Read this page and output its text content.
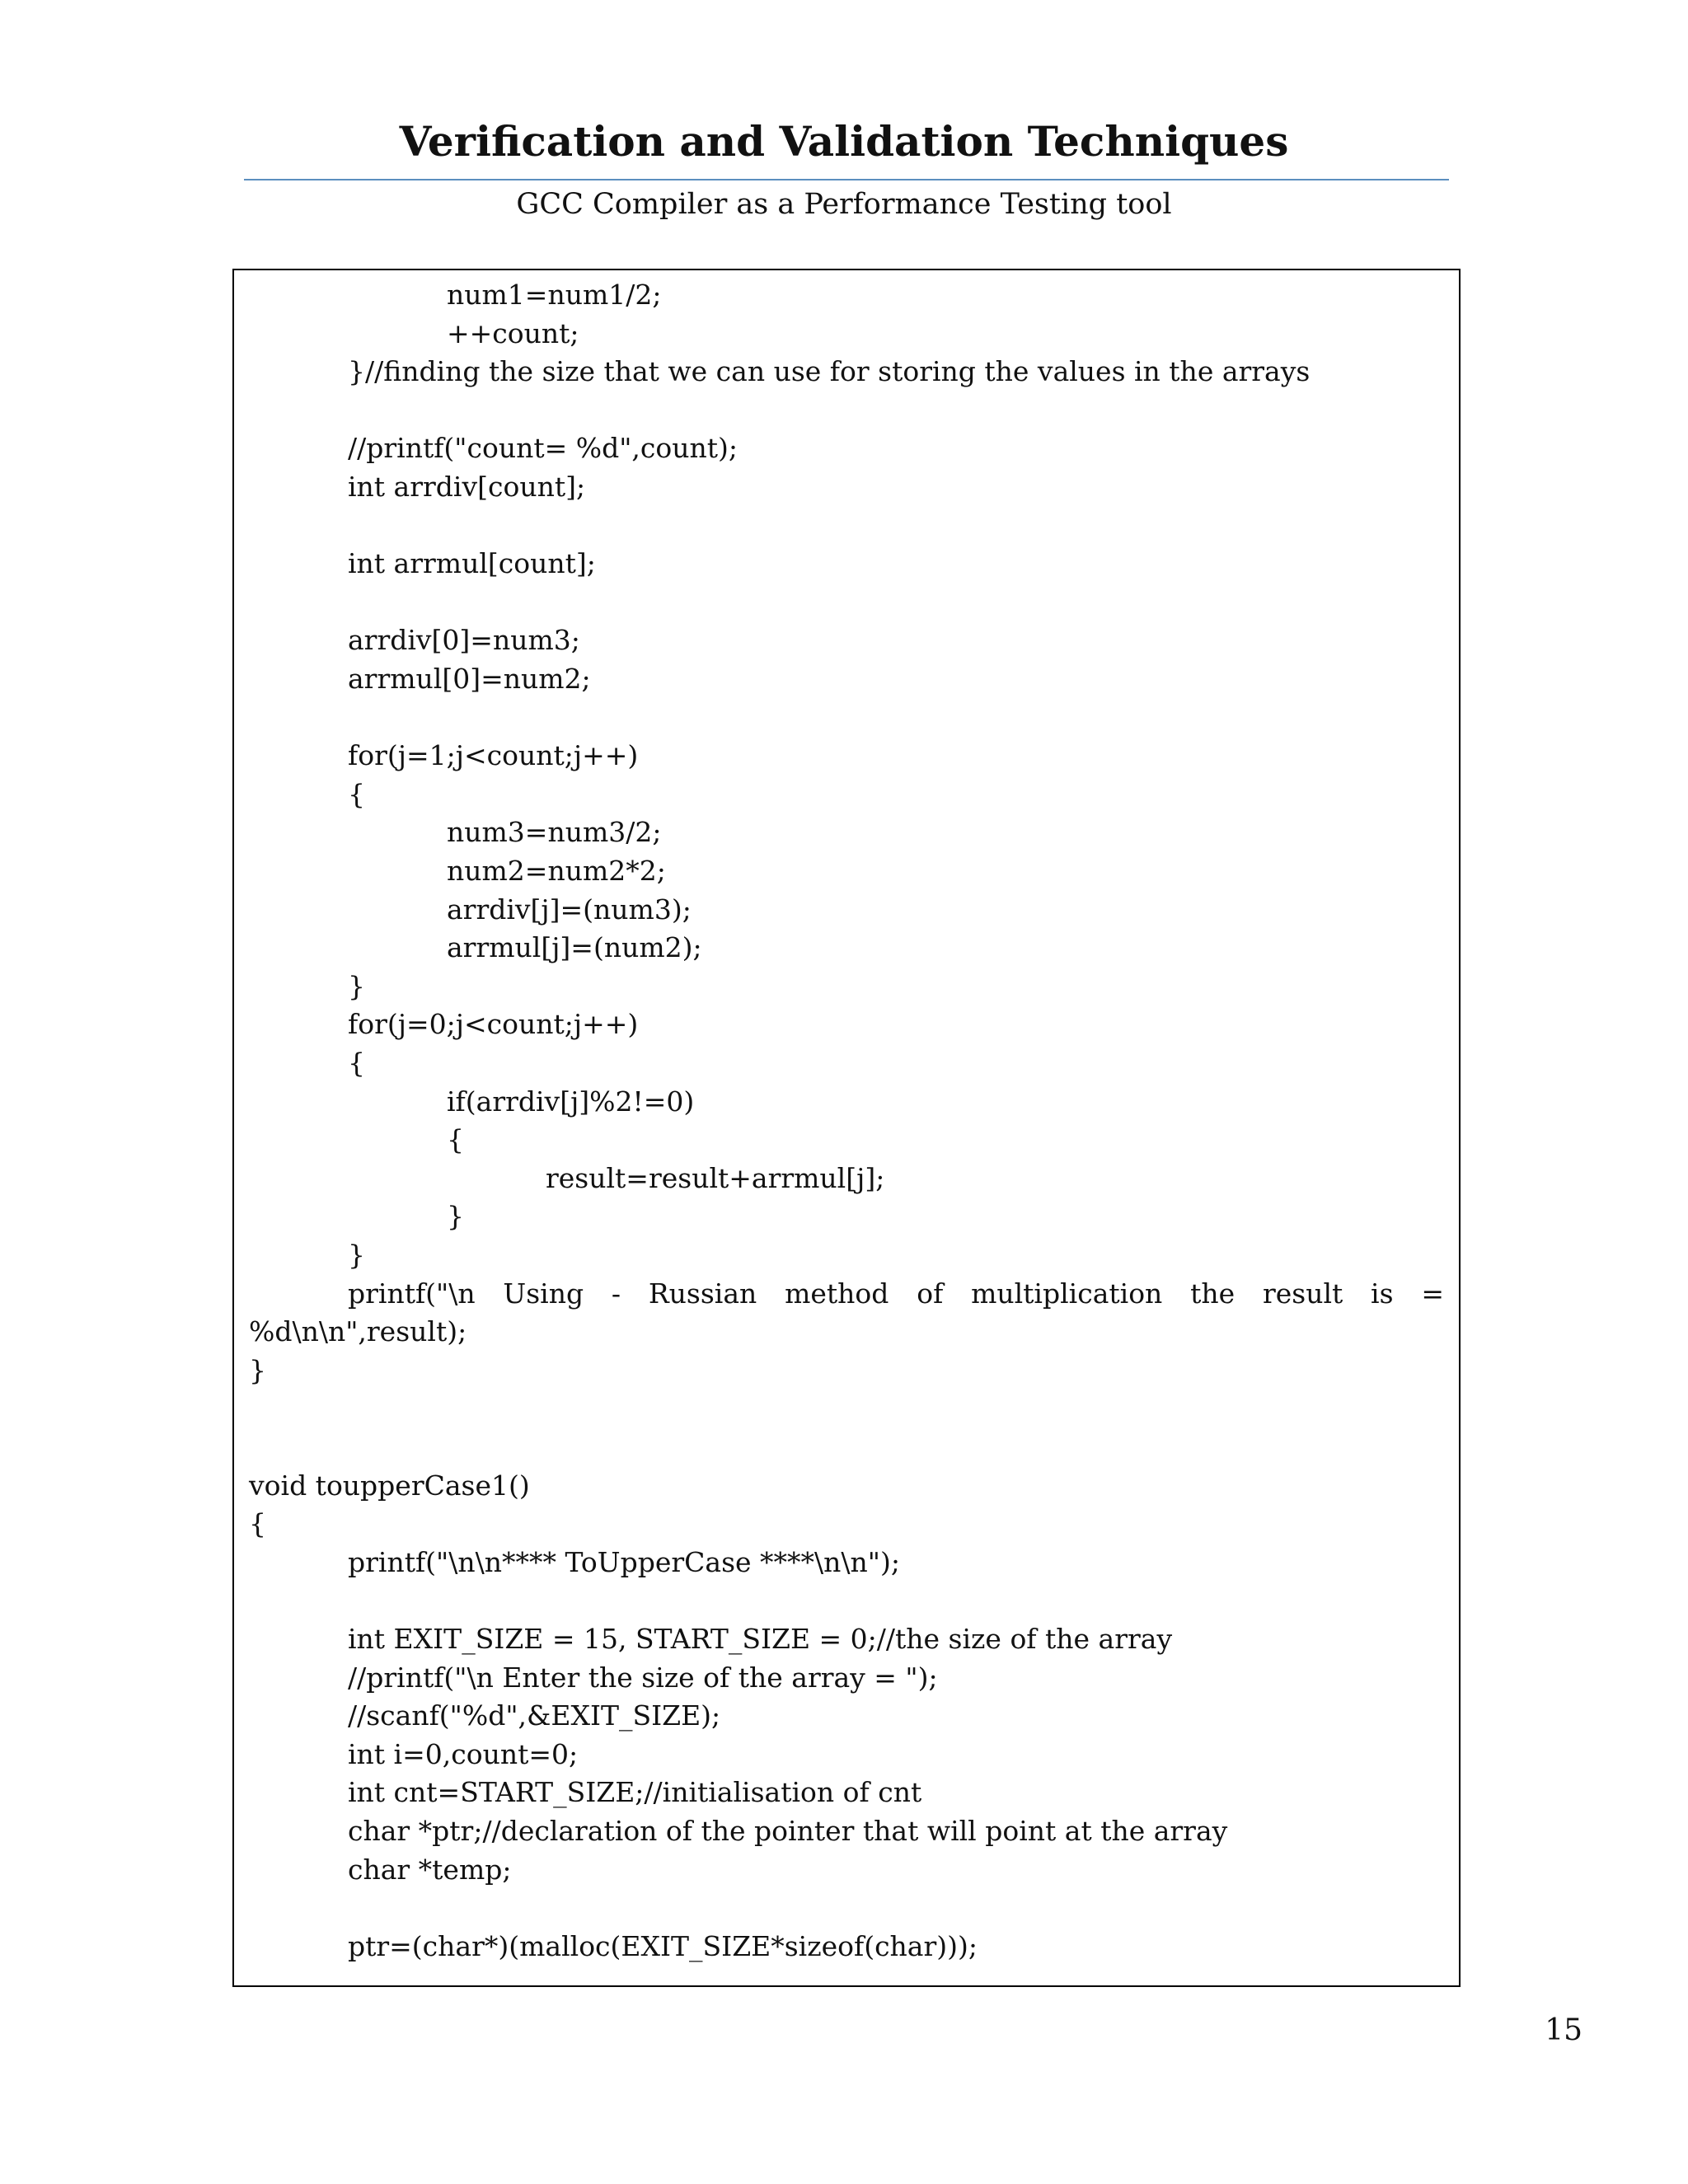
Verification and Validation Techniques
GCC Compiler as a Performance Testing tool
num1=num1/2;
++count;
}//finding the size that we can use for storing the values in the arrays
//printf("count= %d",count);
int arrdiv[count];
int arrmul[count];
arrdiv[0]=num3;
arrmul[0]=num2;
for(j=1;j<count;j++)
{
num3=num3/2;
num2=num2*2;
arrdiv[j]=(num3);
arrmul[j]=(num2);
}
for(j=0;j<count;j++)
{
if(arrdiv[j]%2!=0)
{
result=result+arrmul[j];
}
}
printf("\n Using - Russian method of multiplication the result is =
%d\n\n",result);
}
void toupperCase1()
{
printf("\n\n**** ToUpperCase ****\n\n");
int EXIT_SIZE = 15, START_SIZE = 0;//the size of the array
//printf("\n Enter the size of the array = ");
//scanf("%d",&EXIT_SIZE);
int i=0,count=0;
int cnt=START_SIZE;//initialisation of cnt
char *ptr;//declaration of the pointer that will point at the array
char *temp;
ptr=(char*)(malloc(EXIT_SIZE*sizeof(char)));
15
